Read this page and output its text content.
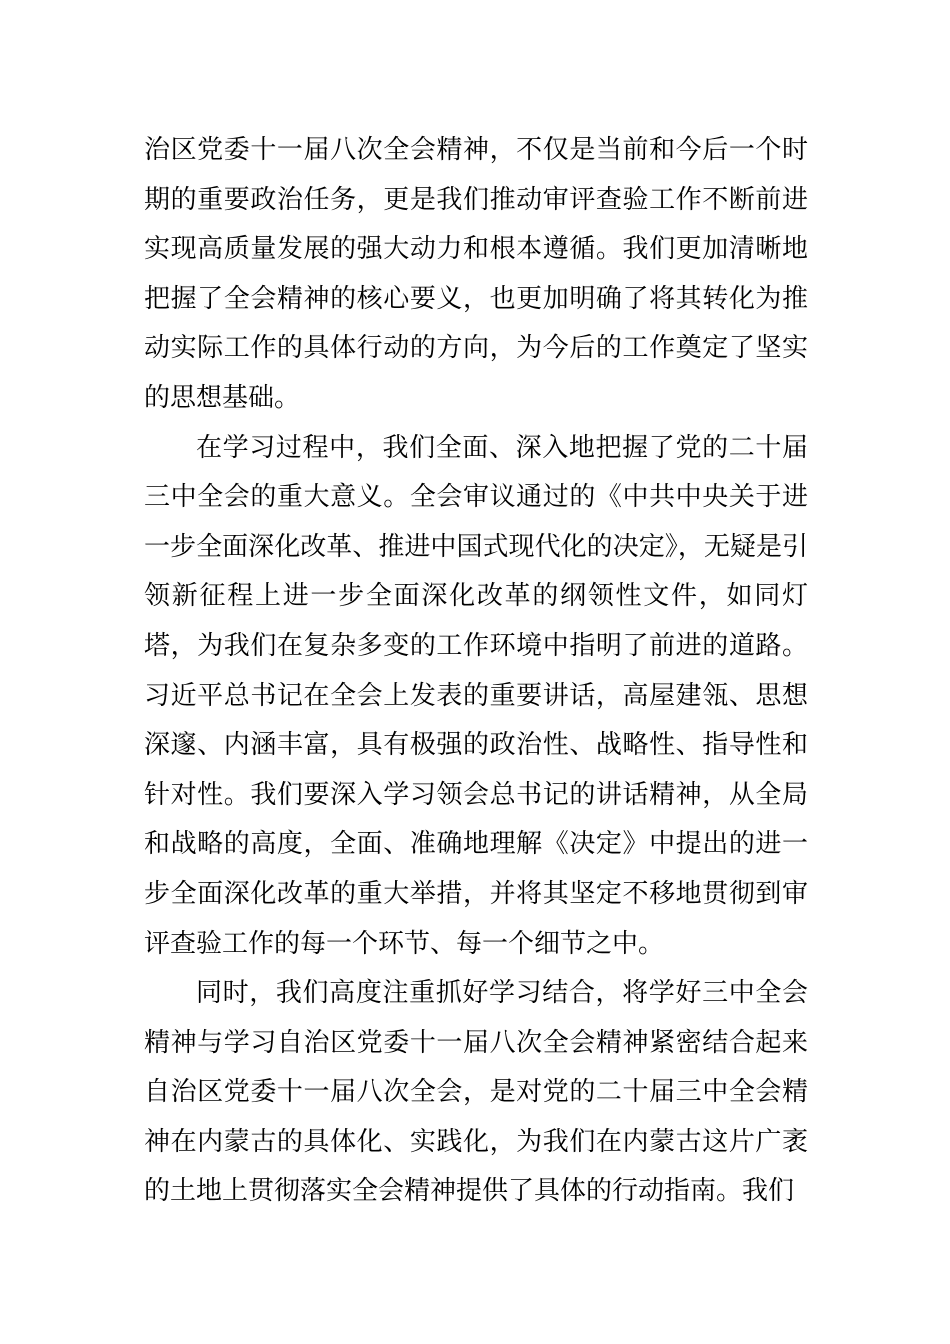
治区党委十一届八次全会精神，不仅是当前和今后一个时期的重要政治任务，更是我们推动审评查验工作不断前进实现高质量发展的强大动力和根本遵循。我们更加清晰地把握了全会精神的核心要义，也更加明确了将其转化为推动实际工作的具体行动的方向，为今后的工作奠定了坚实的思想基础。

在学习过程中，我们全面、深入地把握了党的二十届三中全会的重大意义。全会审议通过的《中共中央关于进一步全面深化改革、推进中国式现代化的决定》，无疑是引领新征程上进一步全面深化改革的纲领性文件，如同灯塔，为我们在复杂多变的工作环境中指明了前进的道路。习近平总书记在全会上发表的重要讲话，高屋建瓴、思想深邃、内涵丰富，具有极强的政治性、战略性、指导性和针对性。我们要深入学习领会总书记的讲话精神，从全局和战略的高度，全面、准确地理解《决定》中提出的进一步全面深化改革的重大举措，并将其坚定不移地贯彻到审评查验工作的每一个环节、每一个细节之中。

同时，我们高度注重抓好学习结合，将学好三中全会精神与学习自治区党委十一届八次全会精神紧密结合起来自治区党委十一届八次全会，是对党的二十届三中全会精神在内蒙古的具体化、实践化，为我们在内蒙古这片广袤的土地上贯彻落实全会精神提供了具体的行动指南。我们
